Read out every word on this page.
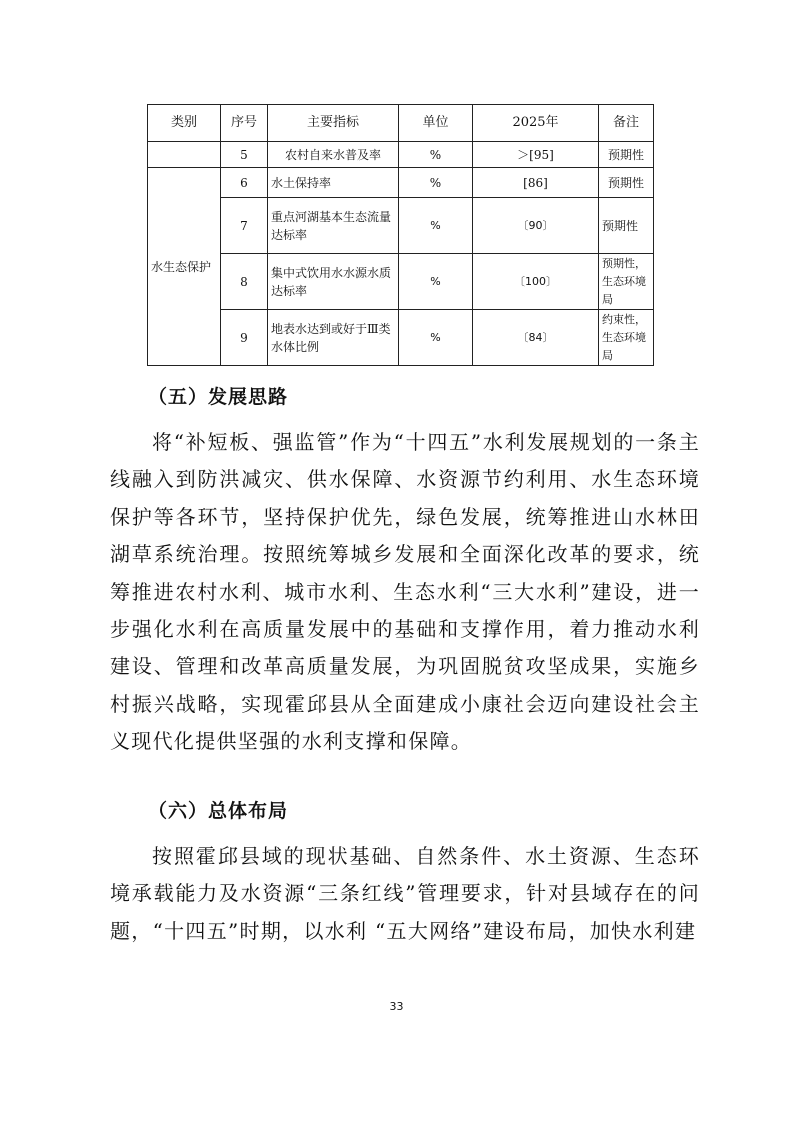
类别	序号	主要指标	单位	2025年	备注
	5	农村自来水普及率	%	＞[95]	预期性
水生态保护	6	水土保持率	%	[86]	预期性
	7	重点河湖基本生态流量达标率	%	〔90〕	预期性
	8	集中式饮用水水源水质达标率	%	〔100〕	预期性，生态环境局
	9	地表水达到或好于Ⅲ类水体比例	%	〔84〕	约束性，生态环境局
（五）发展思路

将“补短板、强监管”作为“十四五”水利发展规划的一条主线融入到防洪减灾、供水保障、水资源节约利用、水生态环境保护等各环节，坚持保护优先，绿色发展，统筹推进山水林田湖草系统治理。按照统筹城乡发展和全面深化改革的要求，统筹推进农村水利、城市水利、生态水利“三大水利”建设，进一步强化水利在高质量发展中的基础和支撑作用，着力推动水利建设、管理和改革高质量发展，为巩固脱贫攻坚成果，实施乡村振兴战略，实现霍邱县从全面建成小康社会迈向建设社会主义现代化提供坚强的水利支撑和保障。

（六）总体布局

按照霍邱县域的现状基础、自然条件、水土资源、生态环境承载能力及水资源“三条红线”管理要求，针对县域存在的问题，“十四五”时期，以水利 “五大网络”建设布局，加快水利建

33
